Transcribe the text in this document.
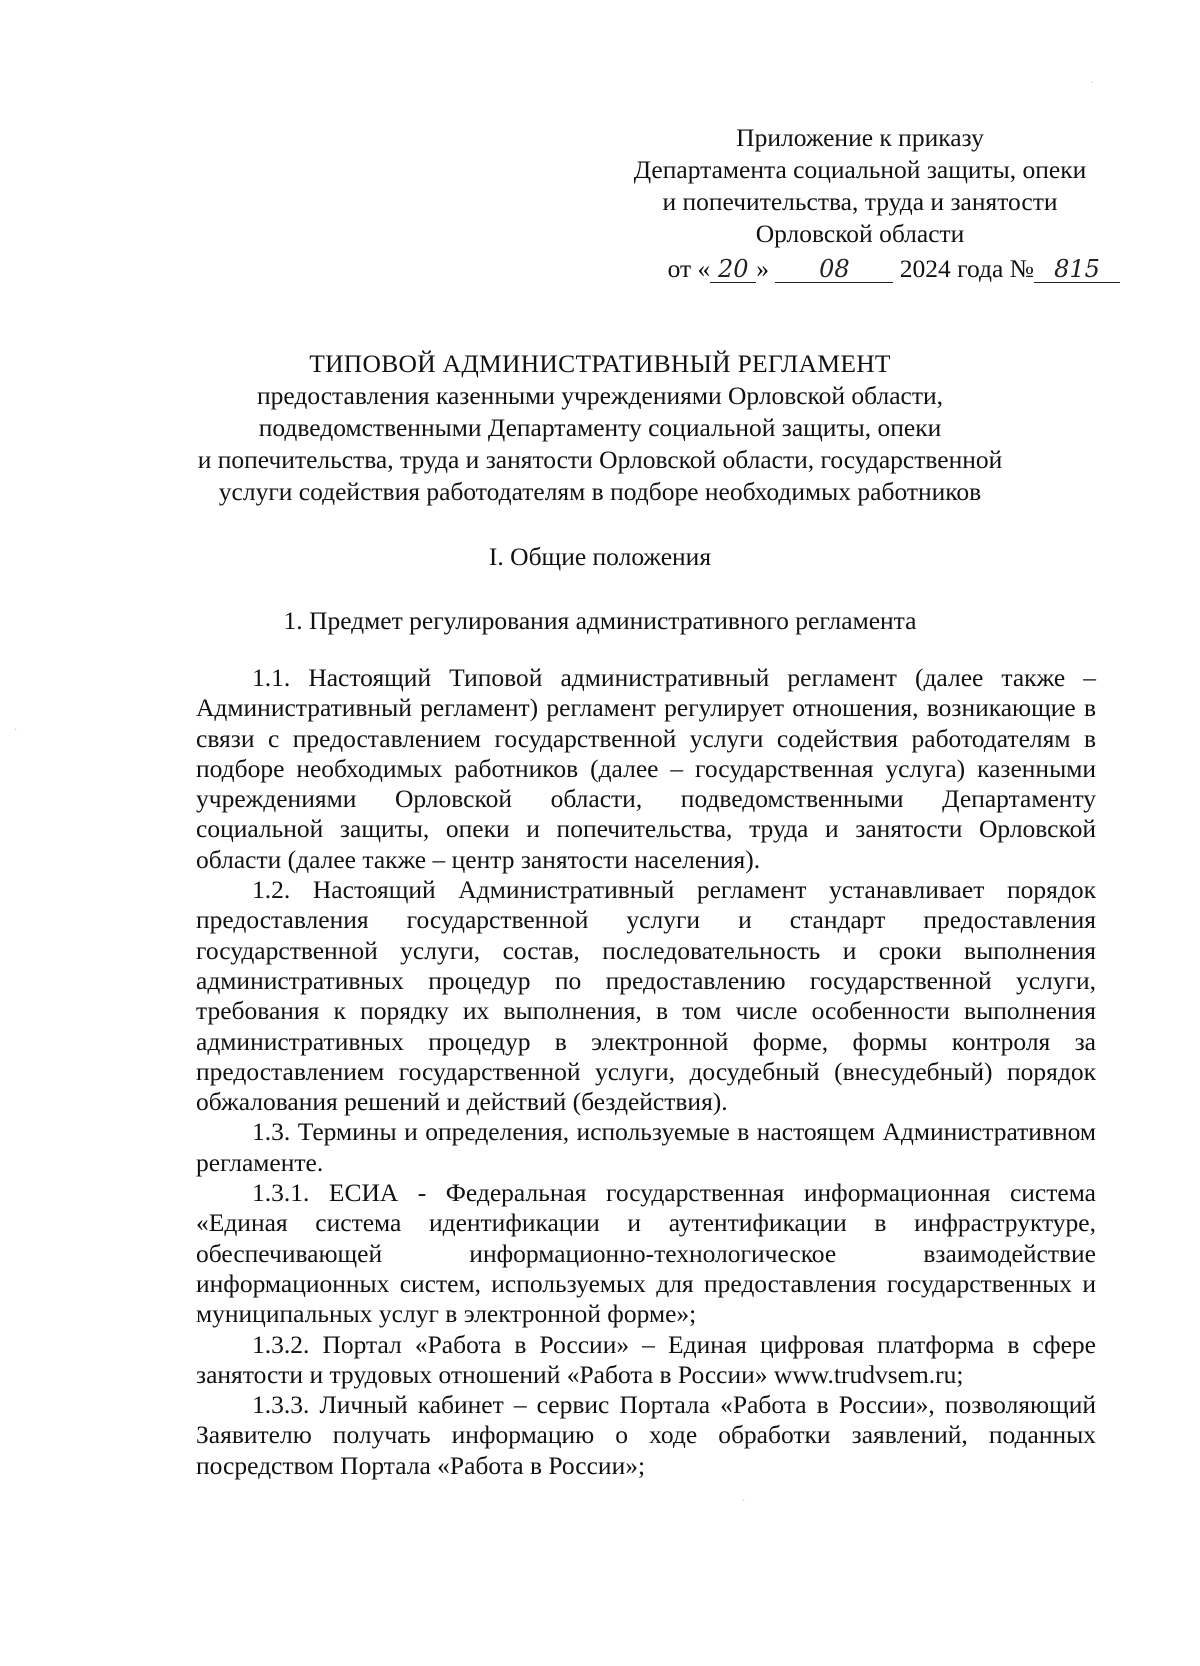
Приложение к приказу
Департамента социальной защиты, опеки
и попечительства, труда и занятости
Орловской области
от « 20 » 08 2024 года № 815
ТИПОВОЙ АДМИНИСТРАТИВНЫЙ РЕГЛАМЕНТ
предоставления казенными учреждениями Орловской области,
подведомственными Департаменту социальной защиты, опеки
и попечительства, труда и занятости Орловской области, государственной
услуги содействия работодателям в подборе необходимых работников
I. Общие положения
1. Предмет регулирования административного регламента

1.1. Настоящий Типовой административный регламент (далее также – Административный регламент) регламент регулирует отношения, возникающие в связи с предоставлением государственной услуги содействия работодателям в подборе необходимых работников (далее – государственная услуга) казенными учреждениями Орловской области, подведомственными Департаменту социальной защиты, опеки и попечительства, труда и занятости Орловской области (далее также – центр занятости населения).

1.2. Настоящий Административный регламент устанавливает порядок предоставления государственной услуги и стандарт предоставления государственной услуги, состав, последовательность и сроки выполнения административных процедур по предоставлению государственной услуги, требования к порядку их выполнения, в том числе особенности выполнения административных процедур в электронной форме, формы контроля за предоставлением государственной услуги, досудебный (внесудебный) порядок обжалования решений и действий (бездействия).

1.3. Термины и определения, используемые в настоящем Административном регламенте.

1.3.1. ЕСИА - Федеральная государственная информационная система «Единая система идентификации и аутентификации в инфраструктуре, обеспечивающей информационно-технологическое взаимодействие информационных систем, используемых для предоставления государственных и муниципальных услуг в электронной форме»;

1.3.2. Портал «Работа в России» – Единая цифровая платформа в сфере занятости и трудовых отношений «Работа в России» www.trudvsem.ru;

1.3.3. Личный кабинет – сервис Портала «Работа в России», позволяющий Заявителю получать информацию о ходе обработки заявлений, поданных посредством Портала «Работа в России»;

·
·
·
